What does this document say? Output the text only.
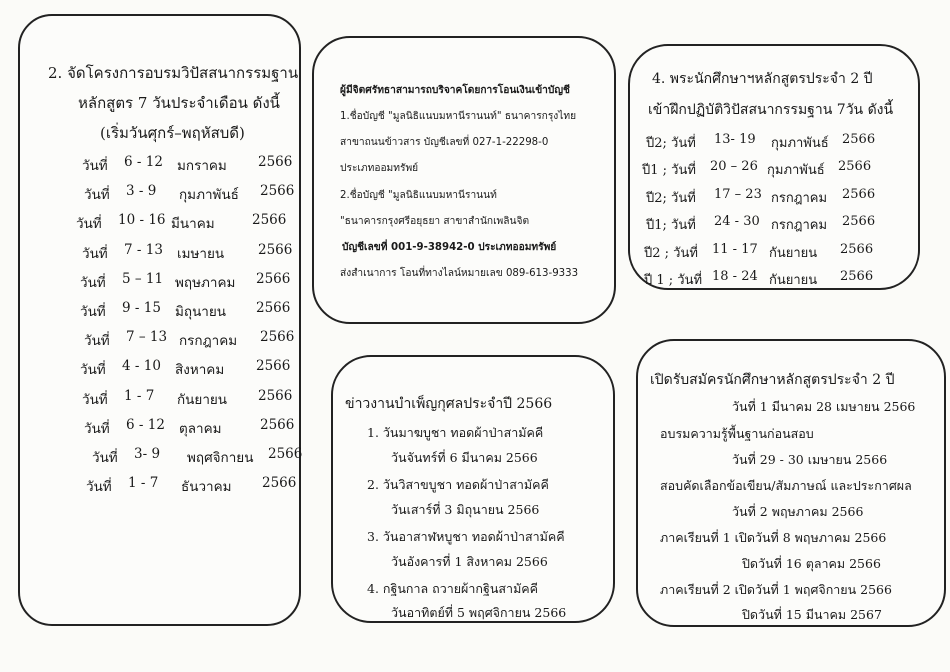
2. จัดโครงการอบรมวิปัสสนากรรมฐาน
หลักสูตร 7 วันประจำเดือน ดังนี้
(เริ่มวันศุกร์–พฤหัสบดี)
วันที่ 6 - 12 มกราคม 2566
วันที่ 3 - 9 กุมภาพันธ์ 2566
วันที่ 10 - 16 มีนาคม	2566
วันที่ 7 - 13 เมษายน	2566
วันที่ 5 – 11 พฤษภาคม 2566
วันที่ 9 - 15 มิถุนายน 2566
วันที่ 7 – 13 กรกฎาคม 2566
วันที่ 4 - 10 สิงหาคม 2566
วันที่ 1 - 7 กันยายน 2566
วันที่ 6 - 12 ตุลาคม	2566
วันที่ 3- 9 พฤศจิกายน 2566
วันที่ 1 - 7 ธันวาคม 2566
ผู้มีจิตศรัทธาสามารถบริจาคโดยการโอนเงินเข้าบัญชี
1.ชื่อบัญชี "มูลนิธิแนบมหานีรานนท์" ธนาคารกรุงไทย
สาขาถนนข้าวสาร บัญชีเลขที่ 027-1-22298-0
ประเภทออมทรัพย์
2.ชื่อบัญชี "มูลนิธิแนบมหานีรานนท์
"ธนาคารกรุงศรีอยุธยา สาขาสำนักเพลินจิต
บัญชีเลขที่ 001-9-38942-0 ประเภทออมทรัพย์
ส่งสำเนาการ โอนที่ทางไลน์หมายเลข 089-613-9333
4. พระนักศึกษาฯหลักสูตรประจำ 2 ปี
เข้าฝึกปฏิบัติวิปัสสนากรรมฐาน 7วัน ดังนี้
ปี2; วันที่ 13- 19 กุมภาพันธ์ 2566
ปี1 ; วันที่ 20 – 26 กุมภาพันธ์ 2566
ปี2; วันที่ 17 – 23 กรกฎาคม 2566
ปี1; วันที่ 24 - 30 กรกฎาคม 2566
ปี2 ; วันที่ 11 - 17 กันยายน 2566
ปี 1 ; วันที่ 18 - 24 กันยายน 2566
ข่าวงานบำเพ็ญกุศลประจำปี 2566
1. วันมาฆบูชา ทอดผ้าป่าสามัคคี
วันจันทร์ที่ 6 มีนาคม 2566
2. วันวิสาขบูชา ทอดผ้าป่าสามัคคี
วันเสาร์ที่ 3 มิถุนายน 2566
3. วันอาสาฬหบูชา ทอดผ้าป่าสามัคคี
วันอังคารที่ 1 สิงหาคม 2566
4. กฐินกาล ถวายผ้ากฐินสามัคคี
วันอาทิตย์ที่ 5 พฤศจิกายน 2566
เปิดรับสมัครนักศึกษาหลักสูตรประจำ 2 ปี
วันที่ 1 มีนาคม 28 เมษายน 2566
อบรมความรู้พื้นฐานก่อนสอบ
วันที่ 29 - 30 เมษายน 2566
สอบคัดเลือกข้อเขียน/สัมภาษณ์ และประกาศผล
วันที่ 2 พฤษภาคม 2566
ภาคเรียนที่ 1 เปิดวันที่ 8 พฤษภาคม 2566
ปิดวันที่ 16 ตุลาคม 2566
ภาคเรียนที่ 2 เปิดวันที่ 1 พฤศจิกายน 2566
ปิดวันที่ 15 มีนาคม 2567
